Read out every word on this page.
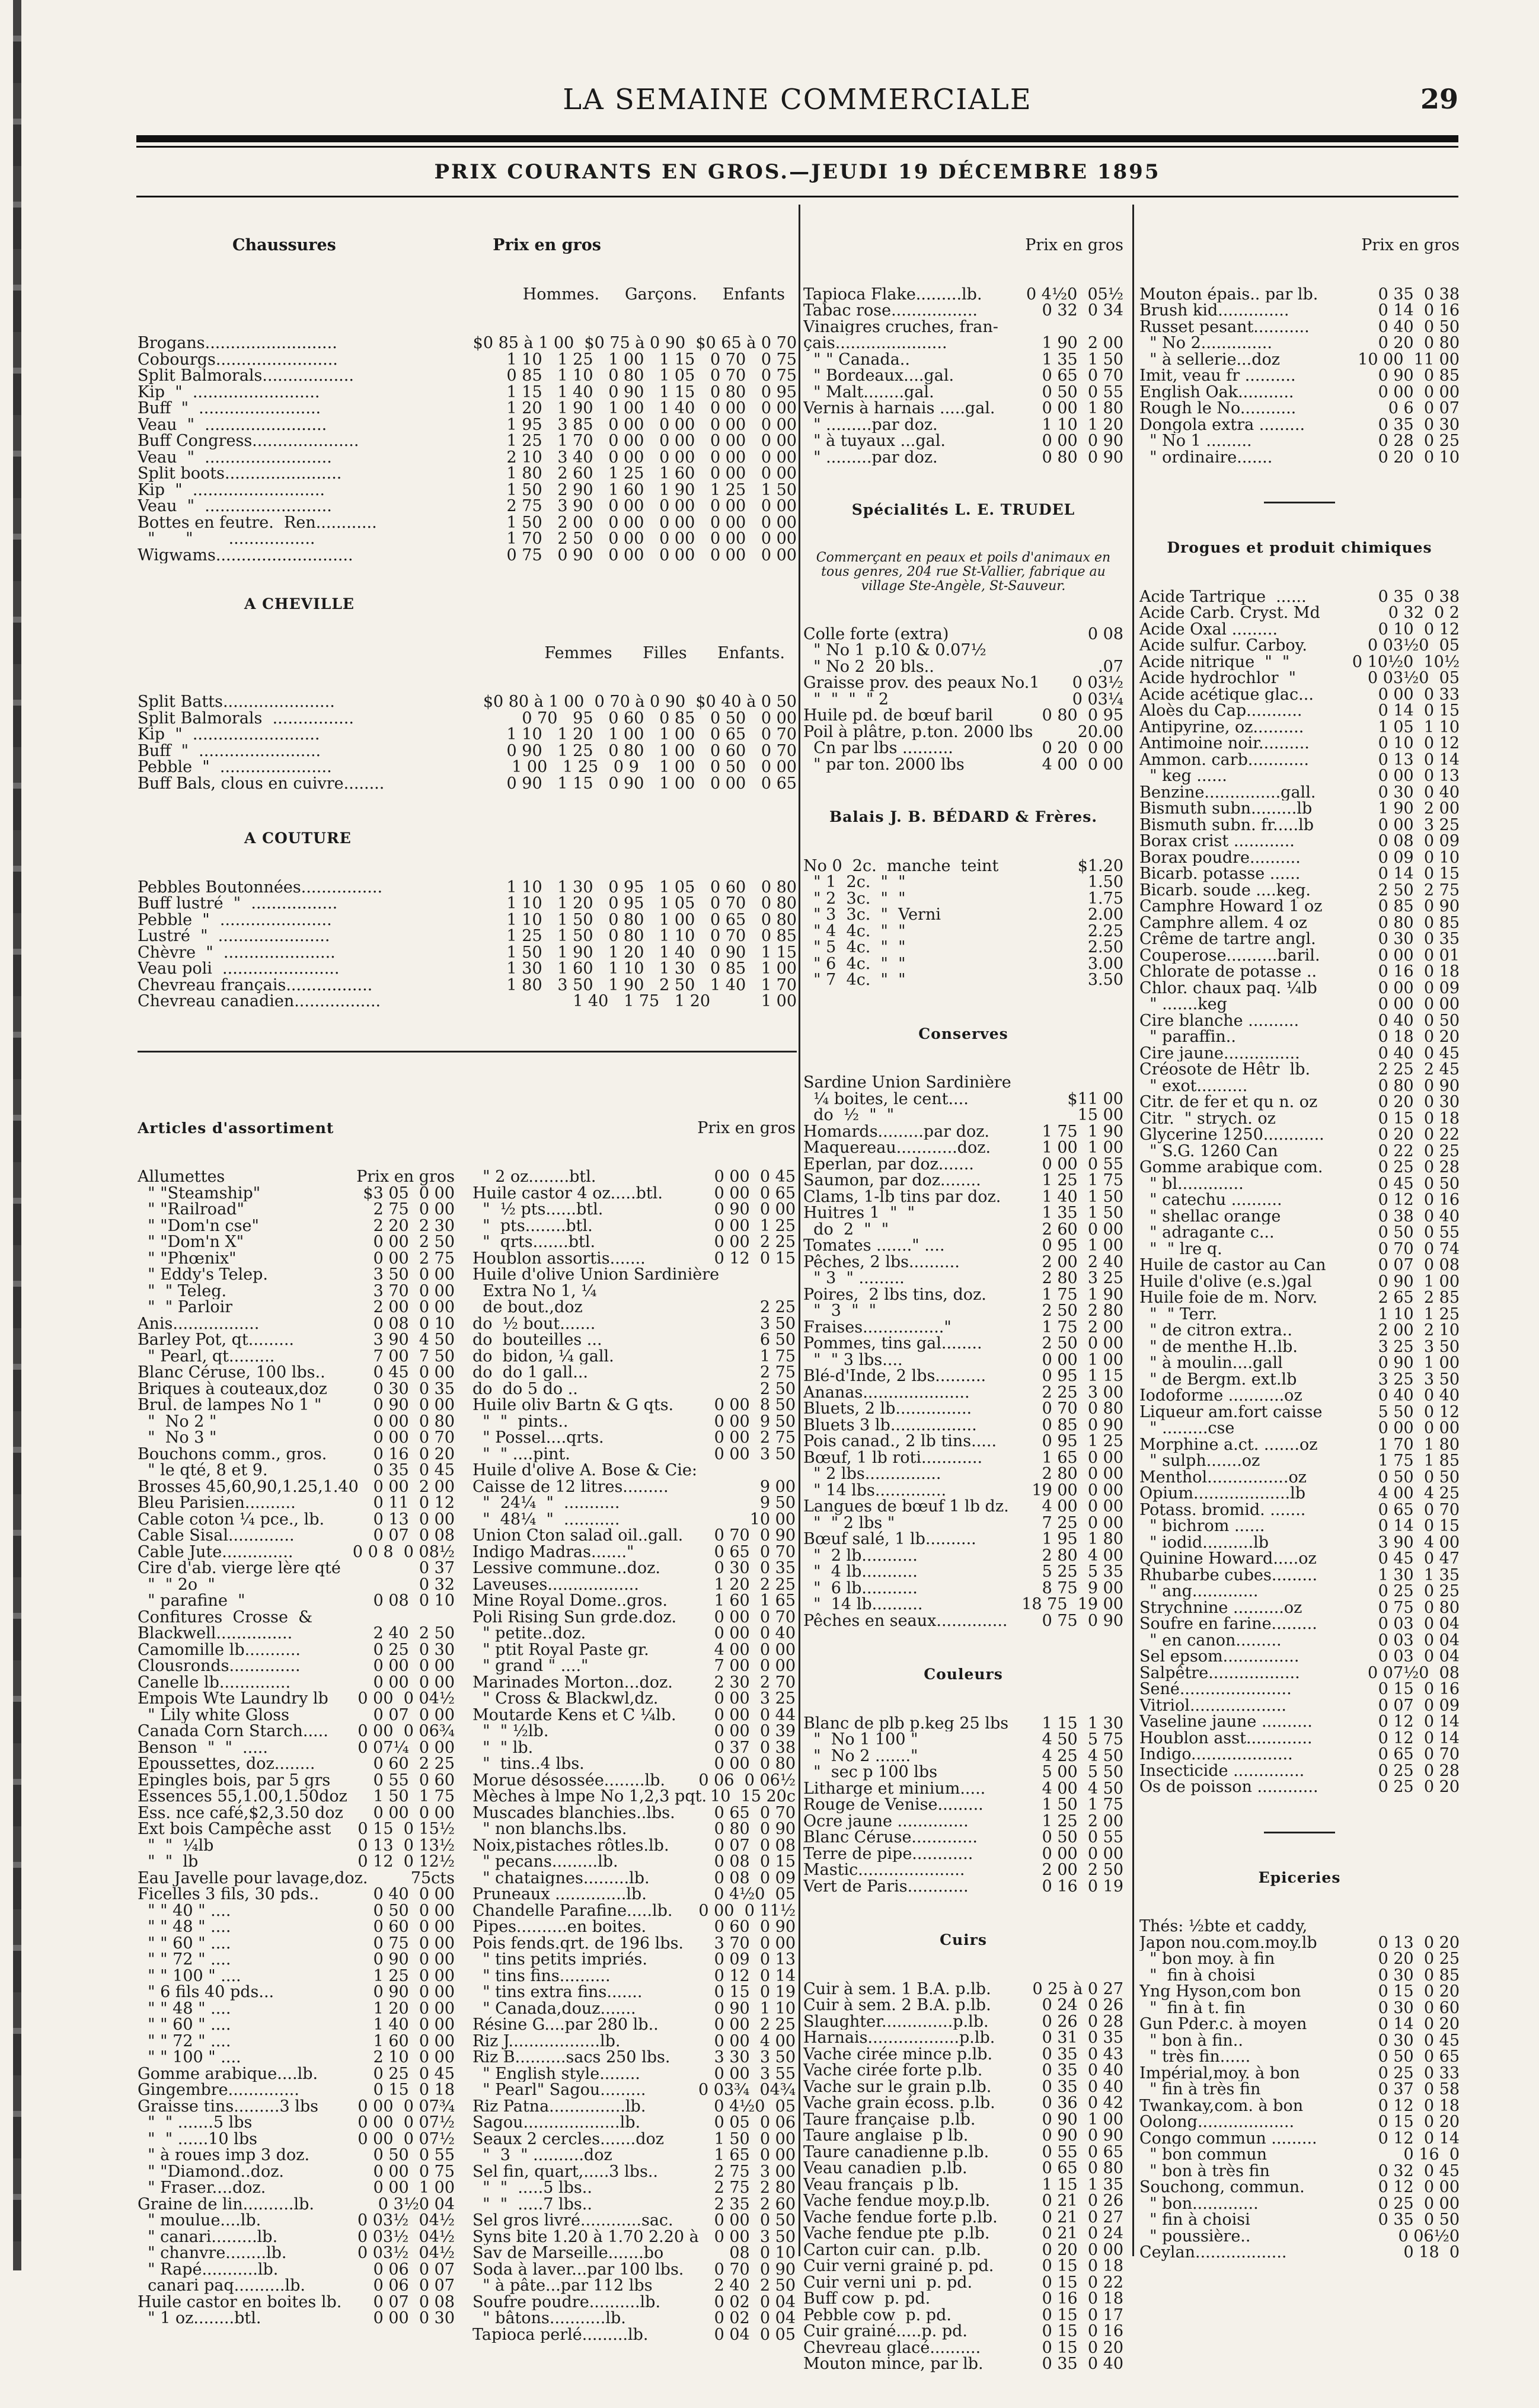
LA SEMAINE COMMERCIALE	29
PRIX COURANTS EN GROS.—JEUDI 19 DÉCEMBRE 1895

Chaussures	Prix en gros

Hommes.     Garçons.     Enfants

Brogans..........................	$0 85 à 1 00  $0 75 à 0 90  $0 65 à 0 70
Cobourgs........................	1 10   1 25   1 00   1 15   0 70   0 75
Split Balmorals..................	0 85   1 10   0 80   1 05   0 70   0 75
Kip  "  .........................	1 15   1 40   0 90   1 15   0 80   0 95
Buff  "  ........................	1 20   1 90   1 00   1 40   0 00   0 00
Veau  "  ........................	1 95   3 85   0 00   0 00   0 00   0 00
Buff Congress.....................	1 25   1 70   0 00   0 00   0 00   0 00
Veau  "  .........................	2 10   3 40   0 00   0 00   0 00   0 00
Split boots.......................	1 80   2 60   1 25   1 60   0 00   0 00
Kip  "  ..........................	1 50   2 90   1 60   1 90   1 25   1 50
Veau  "  .........................	2 75   3 90   0 00   0 00   0 00   0 00
Bottes en feutre.  Ren............	1 50   2 00   0 00   0 00   0 00   0 00
"      "       .................	1 70   2 50   0 00   0 00   0 00   0 00
Wigwams...........................	0 75   0 90   0 00   0 00   0 00   0 00

A CHEVILLE

Femmes      Filles      Enfants.

Split Batts......................	$0 80 à 1 00  0 70 à 0 90  $0 40 à 0 50
Split Balmorals  ................	0 70   95   0 60   0 85   0 50   0 00
Kip  "  .........................	1 10   1 20   1 00   1 00   0 65   0 70
Buff  "  ........................	0 90   1 25   0 80   1 00   0 60   0 70
Pebble  "  ......................	1 00   1 25   0 9    1 00   0 50   0 00
Buff Bals, clous en cuivre........	0 90   1 15   0 90   1 00   0 00   0 65

A COUTURE

Pebbles Boutonnées................	1 10   1 30   0 95   1 05   0 60   0 80
Buff lustré  "  .................	1 10   1 20   0 95   1 05   0 70   0 80
Pebble  "  ......................	1 10   1 50   0 80   1 00   0 65   0 80
Lustré  "  ......................	1 25   1 50   0 80   1 10   0 70   0 85
Chèvre  "  ......................	1 50   1 90   1 20   1 40   0 90   1 15
Veau poli  .......................	1 30   1 60   1 10   1 30   0 85   1 00
Chevreau français.................	1 80   3 50   1 90   2 50   1 40   1 70
Chevreau canadien.................	1 40   1 75   1 20          1 00

Articles d'assortiment

Allumettes	Prix en gros
" "Steamship"	$3 05  0 00
" "Railroad"	2 75  0 00
" "Dom'n cse"	2 20  2 30
" "Dom'n X"	0 00  2 50
" "Phœnix"	0 00  2 75
" Eddy's Telep.	3 50  0 00
"  " Teleg.	3 70  0 00
"  " Parloir	2 00  0 00
Anis.................	0 08  0 10
Barley Pot, qt.........	3 90  4 50
" Pearl, qt.........	7 00  7 50
Blanc Céruse, 100 lbs..	0 45  0 00
Briques à couteaux,doz	0 30  0 35
Brul. de lampes No 1 "	0 90  0 00
"  No 2 "	0 00  0 80
"  No 3 "	0 00  0 70
Bouchons comm., gros.	0 16  0 20
" le qté, 8 et 9.	0 35  0 45
Brosses 45,60,90,1.25,1.40 0 00  2 00
Bleu Parisien..........	0 11  0 12
Cable coton ¼ pce., lb.	0 13  0 00
Cable Sisal.............	0 07  0 08
Cable Jute..............	0 0 8  0 08½
Cire d'ab. vierge lère qté	0 37
"  " 2o  "	0 32
" parafine  "	0 08  0 10
Confitures  Crosse  &
Blackwell...............	2 40  2 50
Camomille lb...........	0 25  0 30
Clousronds..............	0 00  0 00
Canelle lb..............	0 00  0 00
Empois Wte Laundry lb 0 00  0 04½
" Lily white Gloss	0 07  0 00
Canada Corn Starch..... 0 00  0 06¾
Benson  "  "  .....	0 07¼  0 00
Epoussettes, doz........	0 60  2 25
Epingles bois, par 5 grs	0 55  0 60
Essences 55,1.00,1.50doz 1 50  1 75
Ess. nce café,$2,3.50 doz 0 00  0 00
Ext bois Campêche asst 0 15  0 15½
"  "  ¼lb	0 13  0 13½
"  "  lb	0 12  0 12½
Eau Javelle pour lavage,doz.	75cts
Ficelles 3 fils, 30 pds..	0 40  0 00
" " 40 " ....	0 50  0 00
" " 48 " ....	0 60  0 00
" " 60 " ....	0 75  0 00
" " 72 " ....	0 90  0 00
" " 100 " ....	1 25  0 00
" 6 fils 40 pds...	0 90  0 00
" " 48 " ....	1 20  0 00
" " 60 " ....	1 40  0 00
" " 72 " ....	1 60  0 00
" " 100 " ....	2 10  0 00
Gomme arabique....lb.	0 25  0 45
Gingembre..............	0 15  0 18
Graisse tins.........3 lbs 0 00  0 07¾
"  " .......5 lbs	0 00  0 07½
"  " ......10 lbs	0 00  0 07½
" à roues imp 3 doz.	0 50  0 55
" "Diamond..doz.	0 00  0 75
" Fraser....doz.	0 00  1 00
Graine de lin..........lb.	0 3½0 04
" moulue....lb.	0 03½  04½
" canari.........lb.	0 03½  04½
" chanvre........lb.	0 03½  04½
" Rapé...........lb.	0 06  0 07
canari paq..........lb.	0 06  0 07
Huile castor en boites lb. 0 07  0 08
" 1 oz........btl.	0 00  0 30

Prix en gros

" 2 oz........btl.	0 00  0 45
Huile castor 4 oz.....btl.	0 00  0 65
"  ½ pts......btl.	0 90  0 00
"  pts........btl.	0 00  1 25
"  qrts.......btl.	0 00  2 25
Houblon assortis.......	0 12  0 15
Huile d'olive Union Sardinière
Extra No 1, ¼
de bout.,doz	2 25
do  ½ bout.......	3 50
do  bouteilles ...	6 50
do  bidon, ¼ gall.	1 75
do  do 1 gall...	2 75
do  do 5 do ..	2 50
Huile oliv Bartn & G qts.	0 00  8 50
"  "  pints..	0 00  9 50
" Possel....qrts.	0 00  2 75
"  " ....pint.	0 00  3 50
Huile d'olive A. Bose & Cie:
Caisse de 12 litres.........	9 00
"  24¼  "  ...........	9 50
"  48¼  "  ...........	10 00
Union Cton salad oil..gall. 0 70  0 90
Indigo Madras......."	0 65  0 70
Lessive commune..doz.	0 30  0 35
Laveuses..................	1 20  2 25
Mine Royal Dome..gros.	1 60  1 65
Poli Rising Sun grde.doz. 0 00  0 70
" petite..doz.	0 00  0 40
" ptit Royal Paste gr.	4 00  0 00
" grand " ...."	7 00  0 00
Marinades Morton...doz.	2 30  2 70
" Cross & Blackwl,dz.	0 00  3 25
Moutarde Kens et C ¼lb. 0 00  0 44
"  " ½lb.	0 00  0 39
"  " lb.	0 37  0 38
"  tins..4 lbs.	0 00  0 80
Morue désossée........lb. 0 06  0 06½
Mèches à lmpe No 1,2,3 pqt. 10  15 20c
Muscades blanchies..lbs. 0 65  0 70
" non blanchs.lbs.	0 80  0 90
Noix,pistaches rôtles.lb.	0 07  0 08
" pecans.........lb.	0 08  0 15
" chataignes.........lb.	0 08  0 09
Pruneaux ..............lb.	0 4½0  05
Chandelle Parafine.....lb. 0 00  0 11½
Pipes..........en boites.	0 60  0 90
Pois fends.qrt. de 196 lbs. 3 70  0 00
" tins petits impriés.	0 09  0 13
" tins fins..........	0 12  0 14
" tins extra fins.......	0 15  0 19
" Canada,douz.......	0 90  1 10
Résine G....par 280 lb..	0 00  2 25
Riz J..................lb.	0 00  4 00
Riz B..........sacs 250 lbs.	3 30  3 50
" English style........	0 00  3 55
" Pearl" Sagou.........	0 03¾  04¾
Riz Patna...............lb.	0 4½0  05
Sagou...................lb.	0 05  0 06
Seaux 2 cercles.......doz	1 50  0 00
"  3  " ..........doz	1 65  0 00
Sel fin, quart,.....3 lbs..	2 75  3 00
"  "  .....5 lbs..	2 75  2 80
"  "  .....7 lbs..	2 35  2 60
Sel gros livré............sac.	0 00  0 50
Syns bite 1.20 à 1.70 2.20 à 0 00  3 50
Sav de Marseille.......bo	08  0 10
Soda à laver...par 100 lbs. 0 70  0 90
" à pâte...par 112 lbs	2 40  2 50
Soufre poudre..........lb.	0 02  0 04
" bâtons...........lb.	0 02  0 04
Tapioca perlé.........lb.	0 04  0 05

Prix en gros

Tapioca Flake.........lb.	0 4½0  05½
Tabac rose.................	0 32  0 34
Vinaigres cruches, fran-
çais......................	1 90  2 00
" " Canada..	1 35  1 50
" Bordeaux....gal.	0 65  0 70
" Malt........gal.	0 50  0 55
Vernis à harnais .....gal.	0 00  1 80
" .........par doz.	1 10  1 20
" à tuyaux ...gal.	0 00  0 90
" .........par doz.	0 80  0 90

Spécialités L. E. TRUDEL

Commerçant en peaux et poils d'animaux en tous genres, 204 rue St-Vallier, fabrique au village Ste-Angèle, St-Sauveur.

Colle forte (extra)	0 08
" No 1  p.10 & 0.07½
" No 2  20 bls..	.07
Graisse prov. des peaux No.1 0 03½
"  "  "  " 2	0 03¼
Huile pd. de bœuf baril	0 80  0 95
Poil à plâtre, p.ton. 2000 lbs	20.00
Cn par lbs ..........	0 20  0 00
" par ton. 2000 lbs	4 00  0 00

Balais J. B. BÉDARD & Frères.

No 0  2c.  manche  teint	$1.20
" 1  2c.  "  "	1.50
" 2  3c.  "  "	1.75
" 3  3c.  "  Verni	2.00
" 4  4c.  "  "	2.25
" 5  4c.  "  "	2.50
" 6  4c.  "  "	3.00
" 7  4c.  "  "	3.50

Conserves

Sardine Union Sardinière
¼ boites, le cent....	$11 00
do  ½  "  "	15 00
Homards.........par doz.	1 75  1 90
Maquereau............doz.	1 00  1 00
Eperlan, par doz.......	0 00  0 55
Saumon, par doz........	1 25  1 75
Clams, 1-lb tins par doz.	1 40  1 50
Huitres 1  "  "	1 35  1 50
do  2  "  "	2 60  0 00
Tomates ......." ....	0 95  1 00
Pêches, 2 lbs..........	2 00  2 40
" 3  " .........	2 80  3 25
Poires,  2 lbs tins, doz.	1 75  1 90
"  3  "  "	2 50  2 80
Fraises................"	1 75  2 00
Pommes, tins gal........	2 50  0 00
"  " 3 lbs....	0 00  1 00
Blé-d'Inde, 2 lbs..........	0 95  1 15
Ananas.....................	2 25  3 00
Bluets, 2 lb...............	0 70  0 80
Bluets 3 lb.................	0 85  0 90
Pois canad., 2 lb tins.....	0 95  1 25
Bœuf, 1 lb roti............	1 65  0 00
" 2 lbs...............	2 80  0 00
" 14 lbs..............	19 00  0 00
Langues de bœuf 1 lb dz. 4 00  0 00
"  " 2 lbs "	7 25  0 00
Bœuf salé, 1 lb..........	1 95  1 80
"  2 lb...........	2 80  4 00
"  4 lb...........	5 25  5 35
"  6 lb...........	8 75  9 00
"  14 lb..........	18 75  19 00
Pêches en seaux.............. 0 75  0 90

Couleurs

Blanc de plb p.keg 25 lbs 1 15  1 30
"  No 1 100 "	4 50  5 75
"  No 2 ......."	4 25  4 50
"  sec p 100 lbs	5 00  5 50
Litharge et minium.....	4 00  4 50
Rouge de Venise.........	1 50  1 75
Ocre jaune ..............	1 25  2 00
Blanc Céruse.............	0 50  0 55
Terre de pipe............	0 00  0 00
Mastic.....................	2 00  2 50
Vert de Paris............	0 16  0 19

Cuirs

Cuir à sem. 1 B.A. p.lb.	0 25 à 0 27
Cuir à sem. 2 B.A. p.lb.	0 24  0 26
Slaughter..............p.lb.	0 26  0 28
Harnais..................p.lb.	0 31  0 35
Vache cirée mince p.lb.	0 35  0 43
Vache cirée forte p.lb.	0 35  0 40
Vache sur le grain p.lb.	0 35  0 40
Vache grain écoss. p.lb.	0 36  0 42
Taure française  p.lb.	0 90  1 00
Taure anglaise  p lb.	0 90  0 90
Taure canadienne p.lb.	0 55  0 65
Veau canadien  p.lb.	0 65  0 80
Veau français  p lb.	1 15  1 35
Vache fendue moy.p.lb.	0 21  0 26
Vache fendue forte p.lb.	0 21  0 27
Vache fendue pte  p.lb.	0 21  0 24
Carton cuir can.  p.lb.	0 20  0 00
Cuir verni grainé p. pd.	0 15  0 18
Cuir verni uni  p. pd.	0 15  0 22
Buff cow  p. pd.	0 16  0 18
Pebble cow  p. pd.	0 15  0 17
Cuir grainé.....p. pd.	0 15  0 16
Chevreau glacé..........	0 15  0 20
Mouton mince, par lb.	0 35  0 40

Prix en gros

Mouton épais.. par lb.	0 35  0 38
Brush kid..............	0 14  0 16
Russet pesant...........	0 40  0 50
" No 2..............	0 20  0 80
" à sellerie...doz	10 00  11 00
Imit, veau fr ..........	0 90  0 85
English Oak...........	0 00  0 00
Rough le No...........	0 6  0 07
Dongola extra .........	0 35  0 30
" No 1 .........	0 28  0 25
" ordinaire.......	0 20  0 10

Drogues et produit chimiques

Acide Tartrique  ......	0 35  0 38
Acide Carb. Cryst. Md	0 32  0 2
Acide Oxal .........	0 10  0 12
Acide sulfur. Carboy.	0 03½0  05
Acide nitrique  "  "	0 10½0  10½
Acide hydrochlor  "	0 03½0  05
Acide acétique glac...	0 00  0 33
Aloès du Cap...........	0 14  0 15
Antipyrine, oz..........	1 05  1 10
Antimoine noir..........	0 10  0 12
Ammon. carb............	0 13  0 14
" keg ......	0 00  0 13
Benzine...............gall.	0 30  0 40
Bismuth subn.........lb	1 90  2 00
Bismuth subn. fr.....lb	0 00  3 25
Borax crist ............	0 08  0 09
Borax poudre..........	0 09  0 10
Bicarb. potasse ......	0 14  0 15
Bicarb. soude ....keg.	2 50  2 75
Camphre Howard 1 oz	0 85  0 90
Camphre allem. 4 oz	0 80  0 85
Crême de tartre angl.	0 30  0 35
Couperose..........baril.	0 00  0 01
Chlorate de potasse ..	0 16  0 18
Chlor. chaux paq. ¼lb	0 00  0 09
" .......keg	0 00  0 00
Cire blanche ..........	0 40  0 50
" paraffin..	0 18  0 20
Cire jaune...............	0 40  0 45
Créosote de Hêtr  lb.	2 25  2 45
" exot..........	0 80  0 90
Citr. de fer et qu n. oz	0 20  0 30
Citr.  " strych. oz	0 15  0 18
Glycerine 1250............	0 20  0 22
" S.G. 1260 Can	0 22  0 25
Gomme arabique com.	0 25  0 28
" bl.............	0 45  0 50
" catechu ..........	0 12  0 16
" shellac orange	0 38  0 40
" adragante c...	0 50  0 55
"  " lre q.	0 70  0 74
Huile de castor au Can	0 07  0 08
Huile d'olive (e.s.)gal	0 90  1 00
Huile foie de m. Norv.	2 65  2 85
"  " Terr.	1 10  1 25
" de citron extra..	2 00  2 10
" de menthe H..lb.	3 25  3 50
" à moulin....gall	0 90  1 00
" de Bergm. ext.lb	3 25  3 50
Iodoforme ...........oz	0 40  0 40
Liqueur am.fort caisse	5 50  0 12
" .........cse	0 00  0 00
Morphine a.ct. .......oz	1 70  1 80
" sulph.......oz	1 75  1 85
Menthol................oz	0 50  0 50
Opium...................lb	4 00  4 25
Potass. bromid. .......	0 65  0 70
" bichrom ......	0 14  0 15
" iodid..........lb	3 90  4 00
Quinine Howard.....oz	0 45  0 47
Rhubarbe cubes.........	1 30  1 35
" ang.............	0 25  0 25
Strychnine ..........oz	0 75  0 80
Soufre en farine.........	0 03  0 04
" en canon.........	0 03  0 04
Sel epsom...............	0 03  0 04
Salpêtre..................	0 07½0  08
Sené......................	0 15  0 16
Vitriol...................	0 07  0 09
Vaseline jaune ..........	0 12  0 14
Houblon asst.............	0 12  0 14
Indigo....................	0 65  0 70
Insecticide ..............	0 25  0 28
Os de poisson ............	0 25  0 20

Epiceries

Thés: ½bte et caddy,
Japon nou.com.moy.lb	0 13  0 20
" bon moy. à fin	0 20  0 25
"  fin à choisi	0 30  0 85
Yng Hyson,com bon	0 15  0 20
"  fin à t. fin	0 30  0 60
Gun Pder.c. à moyen	0 14  0 20
" bon à fin..	0 30  0 45
" très fin......	0 50  0 65
Impérial,moy. à bon	0 25  0 33
" fin à très fin	0 37  0 58
Twankay,com. à bon	0 12  0 18
Oolong...................	0 15  0 20
Congo commun .........	0 12  0 14
" bon commun	0 16  0
" bon à très fin	0 32  0 45
Souchong, commun.	0 12  0 00
" bon.............	0 25  0 00
" fin à choisi	0 35  0 50
" poussière..	0 06½0
Ceylan..................	0 18  0
